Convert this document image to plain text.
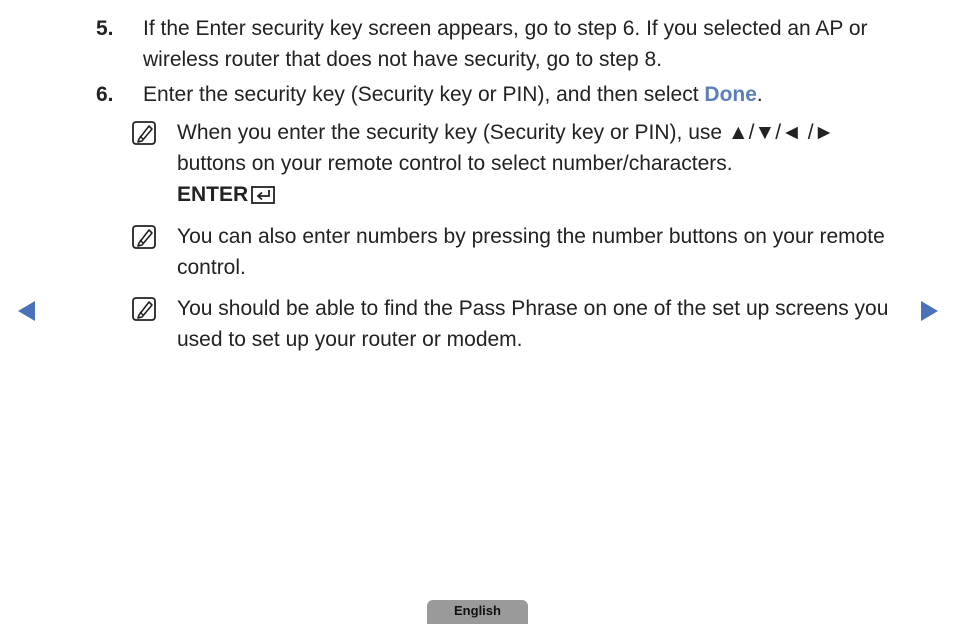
5. If the Enter security key screen appears, go to step 6. If you selected an AP or wireless router that does not have security, go to step 8.
6. Enter the security key (Security key or PIN), and then select Done.
When you enter the security key (Security key or PIN), use ▲/▼/◄ /► buttons on your remote control to select number/characters.
ENTER
You can also enter numbers by pressing the number buttons on your remote control.
You should be able to find the Pass Phrase on one of the set up screens you used to set up your router or modem.
English
